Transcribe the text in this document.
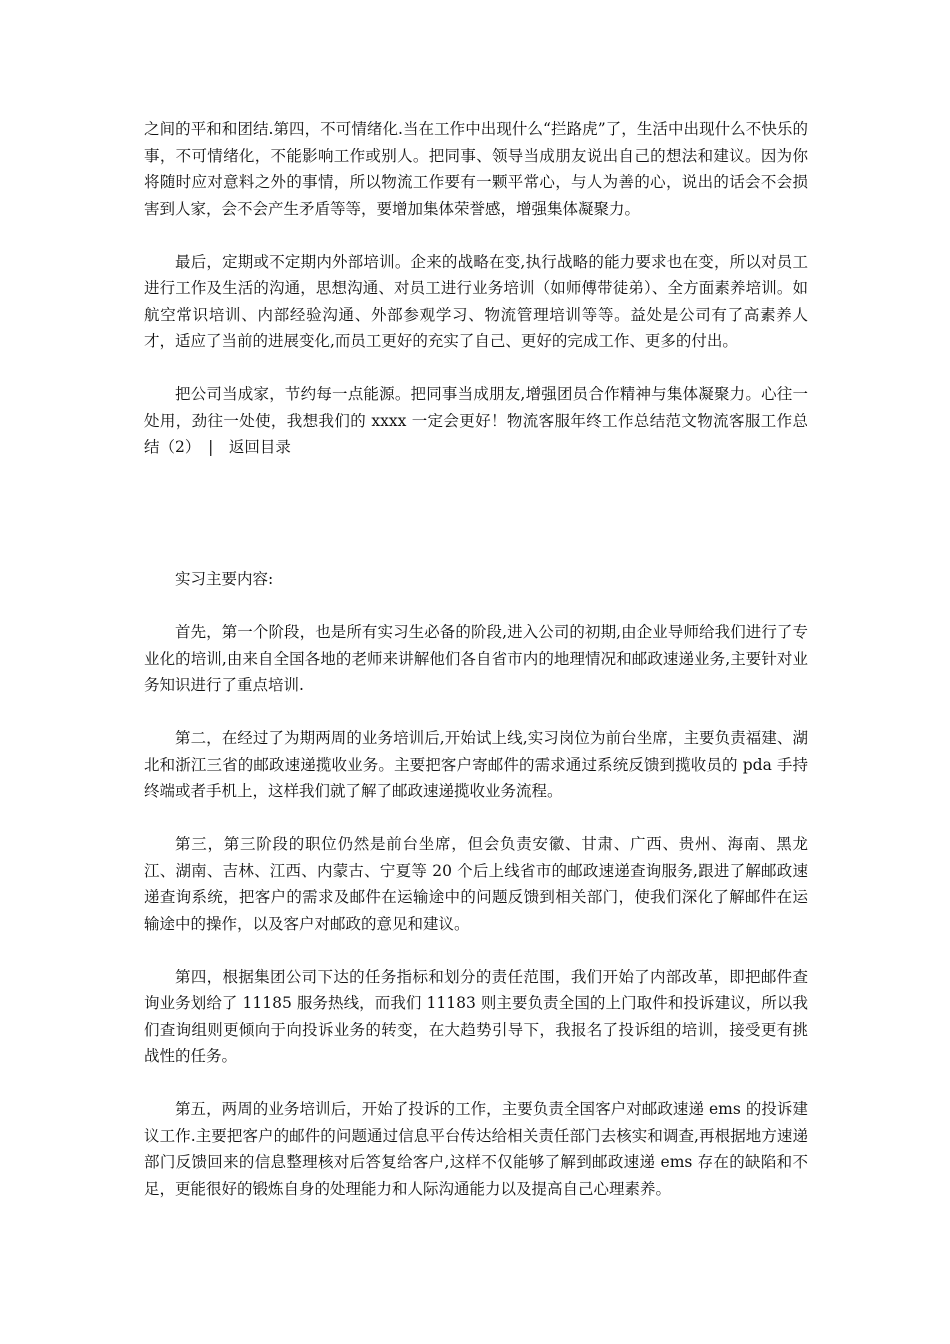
之间的平和和团结.第四，不可情绪化.当在工作中出现什么“拦路虎”了，生活中出现什么不快乐的事，不可情绪化，不能影响工作或别人。把同事、领导当成朋友说出自己的想法和建议。因为你将随时应对意料之外的事情，所以物流工作要有一颗平常心，与人为善的心，说出的话会不会损害到人家，会不会产生矛盾等等，要增加集体荣誉感，增强集体凝聚力。

最后，定期或不定期内外部培训。企来的战略在变,执行战略的能力要求也在变，所以对员工进行工作及生活的沟通，思想沟通、对员工进行业务培训（如师傅带徒弟）、全方面素养培训。如航空常识培训、内部经验沟通、外部参观学习、物流管理培训等等。益处是公司有了高素养人才，适应了当前的进展变化,而员工更好的充实了自己、更好的完成工作、更多的付出。

把公司当成家，节约每一点能源。把同事当成朋友,增强团员合作精神与集体凝聚力。心往一处用，劲往一处使，我想我们的 xxxx 一定会更好！物流客服年终工作总结范文物流客服工作总结（2）　|　返回目录

实习主要内容:

首先，第一个阶段，也是所有实习生必备的阶段,进入公司的初期,由企业导师给我们进行了专业化的培训,由来自全国各地的老师来讲解他们各自省市内的地理情况和邮政速递业务,主要针对业务知识进行了重点培训.

第二，在经过了为期两周的业务培训后,开始试上线,实习岗位为前台坐席，主要负责福建、湖北和浙江三省的邮政速递揽收业务。主要把客户寄邮件的需求通过系统反馈到揽收员的 pda 手持终端或者手机上，这样我们就了解了邮政速递揽收业务流程。

第三，第三阶段的职位仍然是前台坐席，但会负责安徽、甘肃、广西、贵州、海南、黑龙江、湖南、吉林、江西、内蒙古、宁夏等 20 个后上线省市的邮政速递查询服务,跟进了解邮政速递查询系统，把客户的需求及邮件在运输途中的问题反馈到相关部门，使我们深化了解邮件在运输途中的操作，以及客户对邮政的意见和建议。

第四，根据集团公司下达的任务指标和划分的责任范围，我们开始了内部改革，即把邮件查询业务划给了 11185 服务热线，而我们 11183 则主要负责全国的上门取件和投诉建议，所以我们查询组则更倾向于向投诉业务的转变，在大趋势引导下，我报名了投诉组的培训，接受更有挑战性的任务。

第五，两周的业务培训后，开始了投诉的工作，主要负责全国客户对邮政速递 ems 的投诉建议工作.主要把客户的邮件的问题通过信息平台传达给相关责任部门去核实和调查,再根据地方速递部门反馈回来的信息整理核对后答复给客户,这样不仅能够了解到邮政速递 ems 存在的缺陷和不足，更能很好的锻炼自身的处理能力和人际沟通能力以及提高自己心理素养。
